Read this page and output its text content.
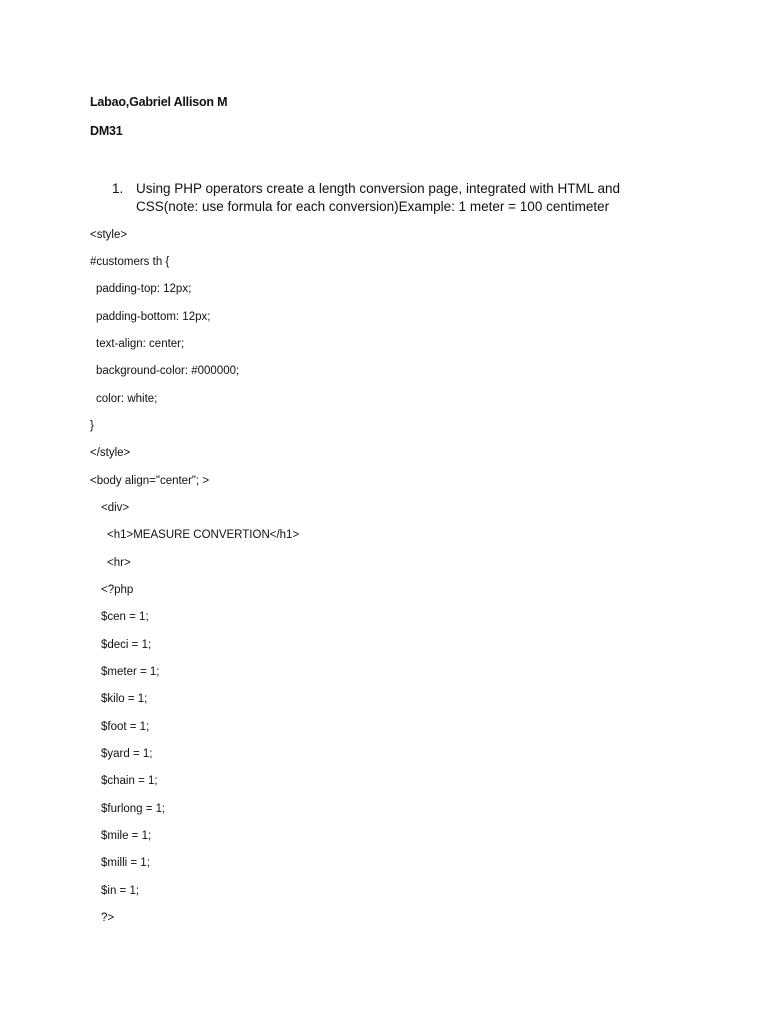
Labao,Gabriel Allison M
DM31
1. Using PHP operators create a length conversion page, integrated with HTML and CSS(note: use formula for each conversion)Example: 1 meter = 100 centimeter
<style>
#customers th {
padding-top: 12px;
padding-bottom: 12px;
text-align: center;
background-color: #000000;
color: white;
}
</style>
<body align="center"; >
<div>
<h1>MEASURE CONVERTION</h1>
<hr>
<?php
$cen = 1;
$deci = 1;
$meter = 1;
$kilo = 1;
$foot = 1;
$yard = 1;
$chain = 1;
$furlong = 1;
$mile = 1;
$milli = 1;
$in = 1;
?>
